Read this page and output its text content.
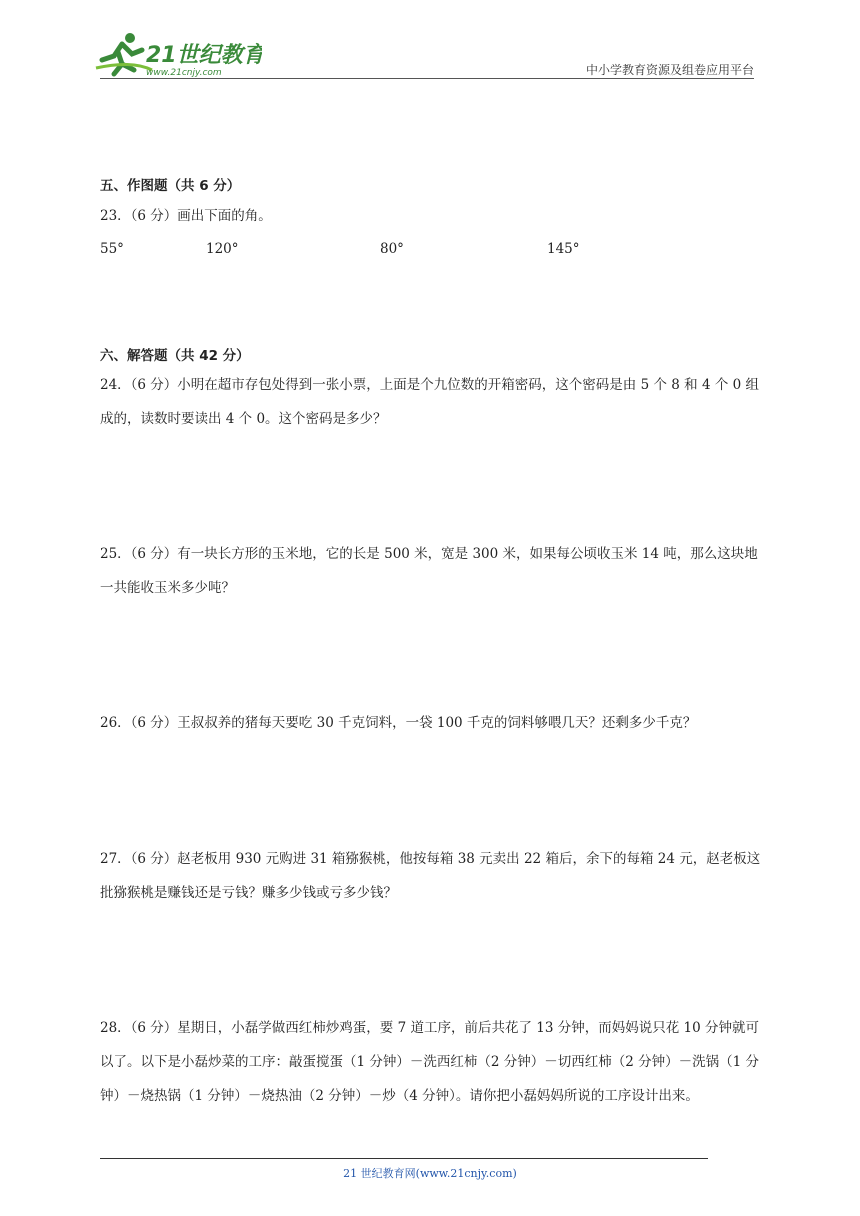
21世纪教育
www.21cnjy.com	中小学教育资源及组卷应用平台
五、作图题（共 6 分）
23．（6 分）画出下面的角。
55°	120°	80°	145°
六、解答题（共 42 分）
24．（6 分）小明在超市存包处得到一张小票，上面是个九位数的开箱密码，这个密码是由 5 个 8 和 4 个 0 组成的，读数时要读出 4 个 0。这个密码是多少？
25．（6 分）有一块长方形的玉米地，它的长是 500 米，宽是 300 米，如果每公顷收玉米 14 吨，那么这块地一共能收玉米多少吨？
26．（6 分）王叔叔养的猪每天要吃 30 千克饲料，一袋 100 千克的饲料够喂几天？还剩多少千克？
27．（6 分）赵老板用 930 元购进 31 箱猕猴桃，他按每箱 38 元卖出 22 箱后，余下的每箱 24 元，赵老板这批猕猴桃是赚钱还是亏钱？赚多少钱或亏多少钱？
28．（6 分）星期日，小磊学做西红柿炒鸡蛋，要 7 道工序，前后共花了 13 分钟，而妈妈说只花 10 分钟就可以了。以下是小磊炒菜的工序：敲蛋搅蛋（1 分钟）－洗西红柿（2 分钟）－切西红柿（2 分钟）－洗锅（1 分钟）－烧热锅（1 分钟）－烧热油（2 分钟）－炒（4 分钟）。请你把小磊妈妈所说的工序设计出来。
21 世纪教育网(www.21cnjy.com)
